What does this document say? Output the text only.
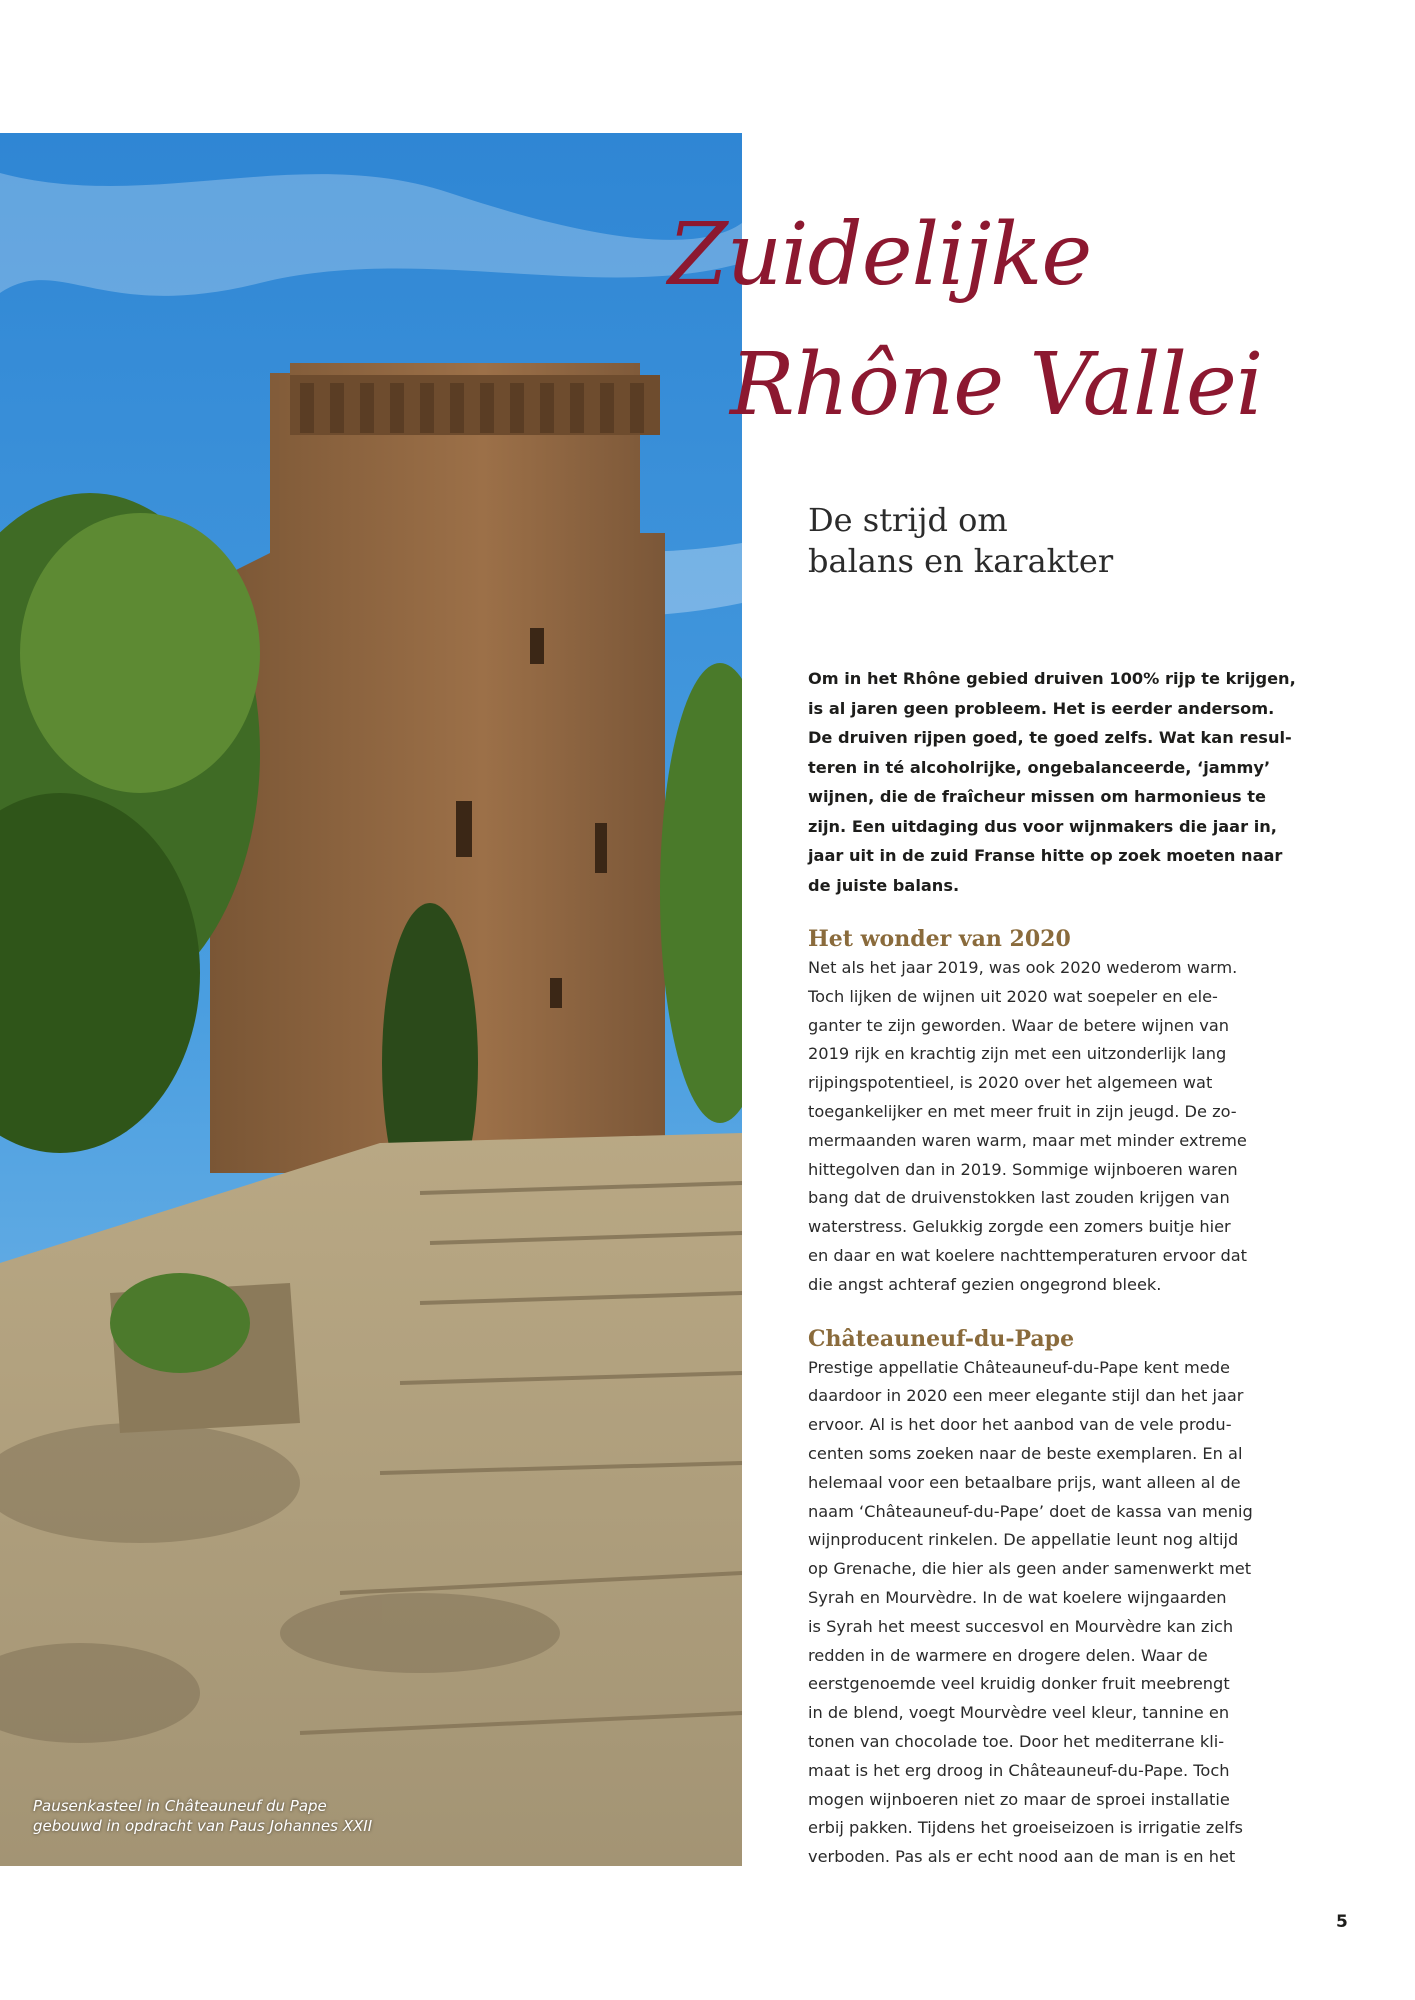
Pausenkasteel in Châteauneuf du Pape
gebouwd in opdracht van Paus Johannes XXII
Zuidelijke
Rhône Vallei
De strijd om
balans en karakter

Om in het Rhône gebied druiven 100% rijp te krijgen,
is al jaren geen probleem. Het is eerder andersom.
De druiven rijpen goed, te goed zelfs. Wat kan resul-
teren in té alcoholrijke, ongebalanceerde, ‘jammy’
wijnen, die de fraîcheur missen om harmonieus te
zijn. Een uitdaging dus voor wijnmakers die jaar in,
jaar uit in de zuid Franse hitte op zoek moeten naar
de juiste balans.

Het wonder van 2020

Net als het jaar 2019, was ook 2020 wederom warm.
Toch lijken de wijnen uit 2020 wat soepeler en ele-
ganter te zijn geworden. Waar de betere wijnen van
2019 rijk en krachtig zijn met een uitzonderlijk lang
rijpingspotentieel, is 2020 over het algemeen wat
toegankelijker en met meer fruit in zijn jeugd. De zo-
mermaanden waren warm, maar met minder extreme
hittegolven dan in 2019. Sommige wijnboeren waren
bang dat de druivenstokken last zouden krijgen van
waterstress. Gelukkig zorgde een zomers buitje hier
en daar en wat koelere nachttemperaturen ervoor dat
die angst achteraf gezien ongegrond bleek.

Châteauneuf-du-Pape

Prestige appellatie Châteauneuf-du-Pape kent mede
daardoor in 2020 een meer elegante stijl dan het jaar
ervoor. Al is het door het aanbod van de vele produ-
centen soms zoeken naar de beste exemplaren. En al
helemaal voor een betaalbare prijs, want alleen al de
naam ‘Châteauneuf-du-Pape’ doet de kassa van menig
wijnproducent rinkelen. De appellatie leunt nog altijd
op Grenache, die hier als geen ander samenwerkt met
Syrah en Mourvèdre. In de wat koelere wijngaarden
is Syrah het meest succesvol en Mourvèdre kan zich
redden in de warmere en drogere delen. Waar de
eerstgenoemde veel kruidig donker fruit meebrengt
in de blend, voegt Mourvèdre veel kleur, tannine en
tonen van chocolade toe. Door het mediterrane kli-
maat is het erg droog in Châteauneuf-du-Pape. Toch
mogen wijnboeren niet zo maar de sproei installatie
erbij pakken. Tijdens het groeiseizoen is irrigatie zelfs
verboden. Pas als er echt nood aan de man is en het

5
